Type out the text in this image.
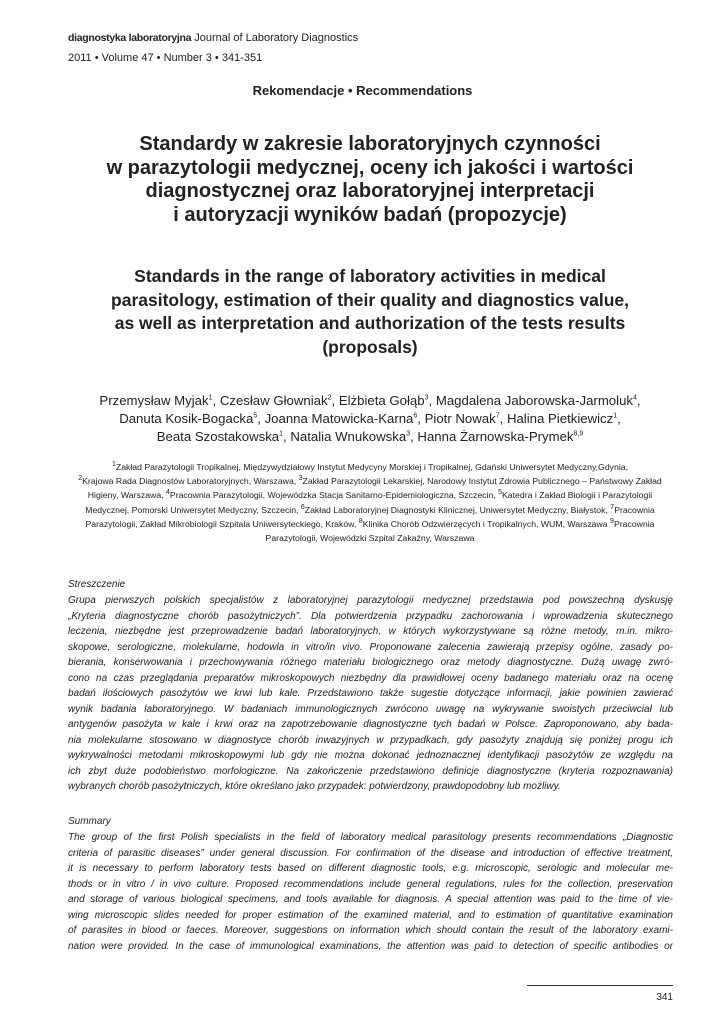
diagnostyka laboratoryjna Journal of Laboratory Diagnostics
2011 • Volume 47 • Number 3 • 341-351
Rekomendacje • Recommendations
Standardy w zakresie laboratoryjnych czynności
w parazytologii medycznej, oceny ich jakości i wartości
diagnostycznej oraz laboratoryjnej interpretacji
i autoryzacji wyników badań (propozycje)
Standards in the range of laboratory activities in medical
parasitology, estimation of their quality and diagnostics value,
as well as interpretation and authorization of the tests results
(proposals)
Przemysław Myjak$^1$, Czesław Głowniak$^2$, Elżbieta Gołąb$^3$, Magdalena Jaborowska-Jarmoluk$^4$,
Danuta Kosik-Bogacka$^5$, Joanna Matowicka-Karna$^6$, Piotr Nowak$^7$, Halina Pietkiewicz$^1$,
Beata Szostakowska$^1$, Natalia Wnukowska$^3$, Hanna Żarnowska-Prymek$^{8,9}$
$^1$Zakład Parazytologii Tropikalnej, Międzywydziałowy Instytut Medycyny Morskiej i Tropikalnej, Gdański Uniwersytet Medyczny,Gdynia,
$^2$Krajowa Rada Diagnostów Laboratoryjnych, Warszawa, $^3$Zakład Parazytologii Lekarskiej, Narodowy Instytut Zdrowia Publicznego – Państwowy Zakład Higieny, Warszawa, $^4$Pracownia Parazytologii, Wojewódzka Stacja Sanitarno-Epidemiologiczna, Szczecin, $^5$Katedra i Zakład Biologii i Parazytologii Medycznej, Pomorski Uniwersytet Medyczny, Szczecin, $^6$Zakład Laboratoryjnej Diagnostyki Klinicznej, Uniwersytet Medyczny, Białystok, $^7$Pracownia Parazytologii, Zakład Mikrobiologii Szpitala Uniwersyteckiego, Kraków, $^8$Klinika Chorób Odzwierzęcych i Tropikalnych, WUM, Warszawa $^9$Pracownia Parazytologii, Wojewódzki Szpital Zakaźny, Warszawa
Streszczenie

Grupa pierwszych polskich specjalistów z laboratoryjnej parazytologii medycznej przedstawia pod powszechną dyskusję

„Kryteria diagnostyczne chorób pasożytniczych”. Dla potwierdzenia przypadku zachorowania i wprowadzenia skutecznego

leczenia, niezbędne jest przeprowadzenie badań laboratoryjnych, w których wykorzystywane są różne metody, m.in. mikro-

skopowe, serologiczne, molekularne, hodowla in vitro/in vivo. Proponowane zalecenia zawierają przepisy ogólne, zasady po-

bierania, konserwowania i przechowywania różnego materiału biologicznego oraz metody diagnostyczne. Dużą uwagę zwró-

cono na czas przeglądania preparatów mikroskopowych niezbędny dla prawidłowej oceny badanego materiału oraz na ocenę

badań ilościowych pasożytów we krwi lub kale. Przedstawiono także sugestie dotyczące informacji, jakie powinien zawierać

wynik badania laboratoryjnego. W badaniach immunologicznych zwrócono uwagę na wykrywanie swoistych przeciwciał lub

antygenów pasożyta w kale i krwi oraz na zapotrzebowanie diagnostyczne tych badań w Polsce. Zaproponowano, aby bada-

nia molekularne stosowano w diagnostyce chorób inwazyjnych w przypadkach, gdy pasożyty znajdują się poniżej progu ich

wykrywalności metodami mikroskopowymi lub gdy nie można dokonać jednoznacznej identyfikacji pasożytów ze względu na

ich zbyt duże podobieństwo morfologiczne. Na zakończenie przedstawiono definicje diagnostyczne (kryteria rozpoznawania)

wybranych chorób pasożytniczych, które określano jako przypadek: potwierdzony, prawdopodobny lub możliwy.

Summary

The group of the first Polish specialists in the field of laboratory medical parasitology presents recommendations „Diagnostic

criteria of parasitic diseases” under general discussion. For confirmation of the disease and introduction of effective treatment,

it is necessary to perform laboratory tests based on different diagnostic tools, e.g. microscopic, serologic and molecular me-

thods or in vitro / in vivo culture. Proposed recommendations include general regulations, rules for the collection, preservation

and storage of various biological specimens, and tools available for diagnosis. A special attention was paid to the time of vie-

wing microscopic slides needed for proper estimation of the examined material, and to estimation of quantitative examination

of parasites in blood or faeces. Moreover, suggestions on information which should contain the result of the laboratory exami-

nation were provided. In the case of immunological examinations, the attention was paid to detection of specific antibodies or

341
